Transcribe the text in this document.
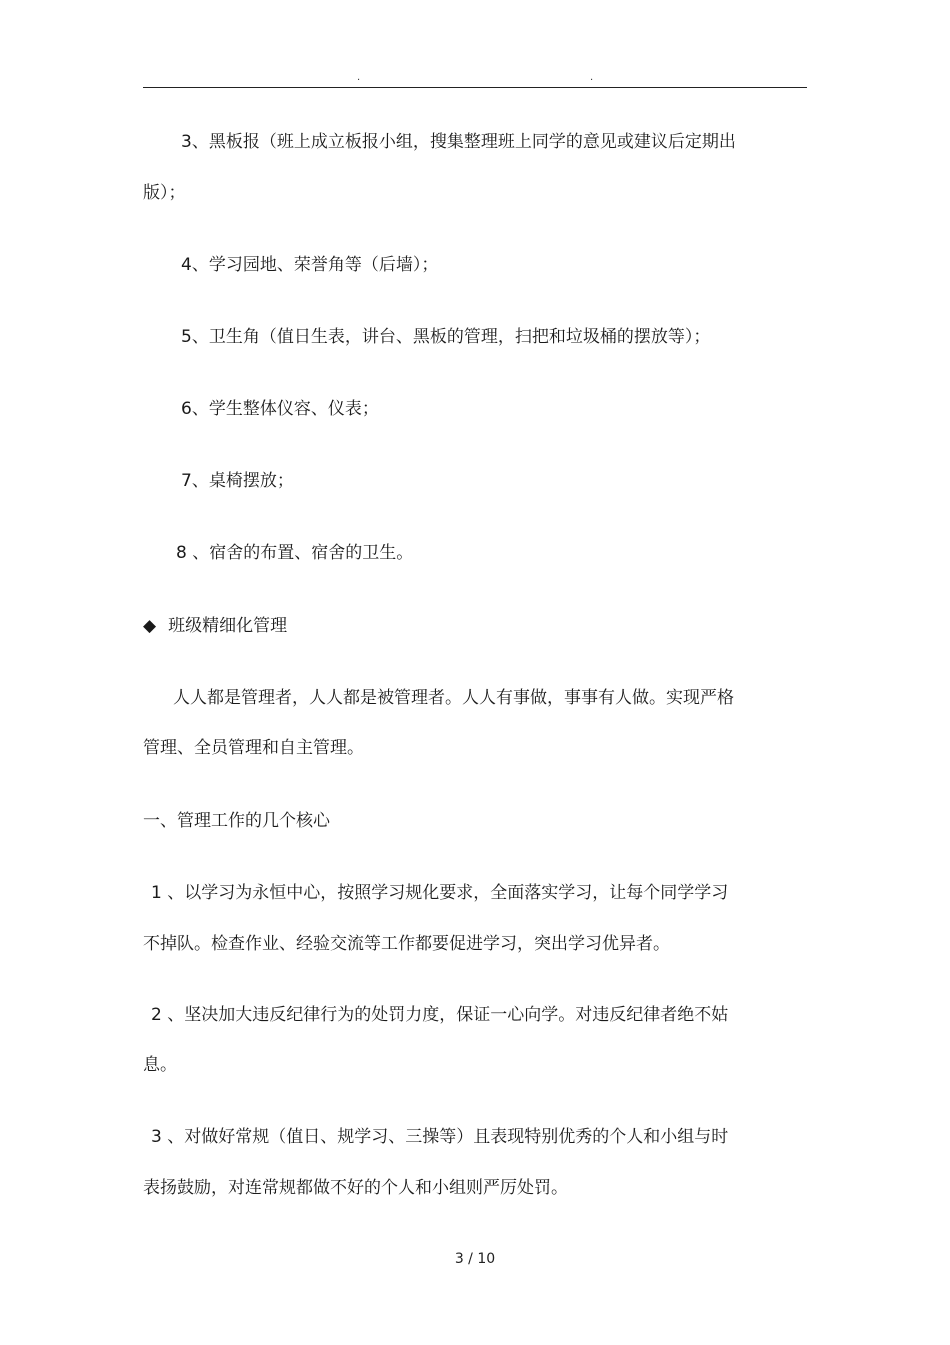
.	.
3、黑板报（班上成立板报小组，搜集整理班上同学的意见或建议后定期出
版）；
4、学习园地、荣誉角等（后墙）；
5、卫生角（值日生表，讲台、黑板的管理，扫把和垃圾桶的摆放等）；
6、学生整体仪容、仪表；
7、桌椅摆放；
8 、宿舍的布置、宿舍的卫生。
◆ 班级精细化管理
人人都是管理者，人人都是被管理者。人人有事做，事事有人做。实现严格
管理、全员管理和自主管理。
一、管理工作的几个核心
1 、以学习为永恒中心，按照学习规化要求，全面落实学习，让每个同学学习
不掉队。检查作业、经验交流等工作都要促进学习，突出学习优异者。
2 、坚决加大违反纪律行为的处罚力度，保证一心向学。对违反纪律者绝不姑
息。
3 、对做好常规（值日、规学习、三操等）且表现特别优秀的个人和小组与时
表扬鼓励，对连常规都做不好的个人和小组则严厉处罚。
3 / 10
